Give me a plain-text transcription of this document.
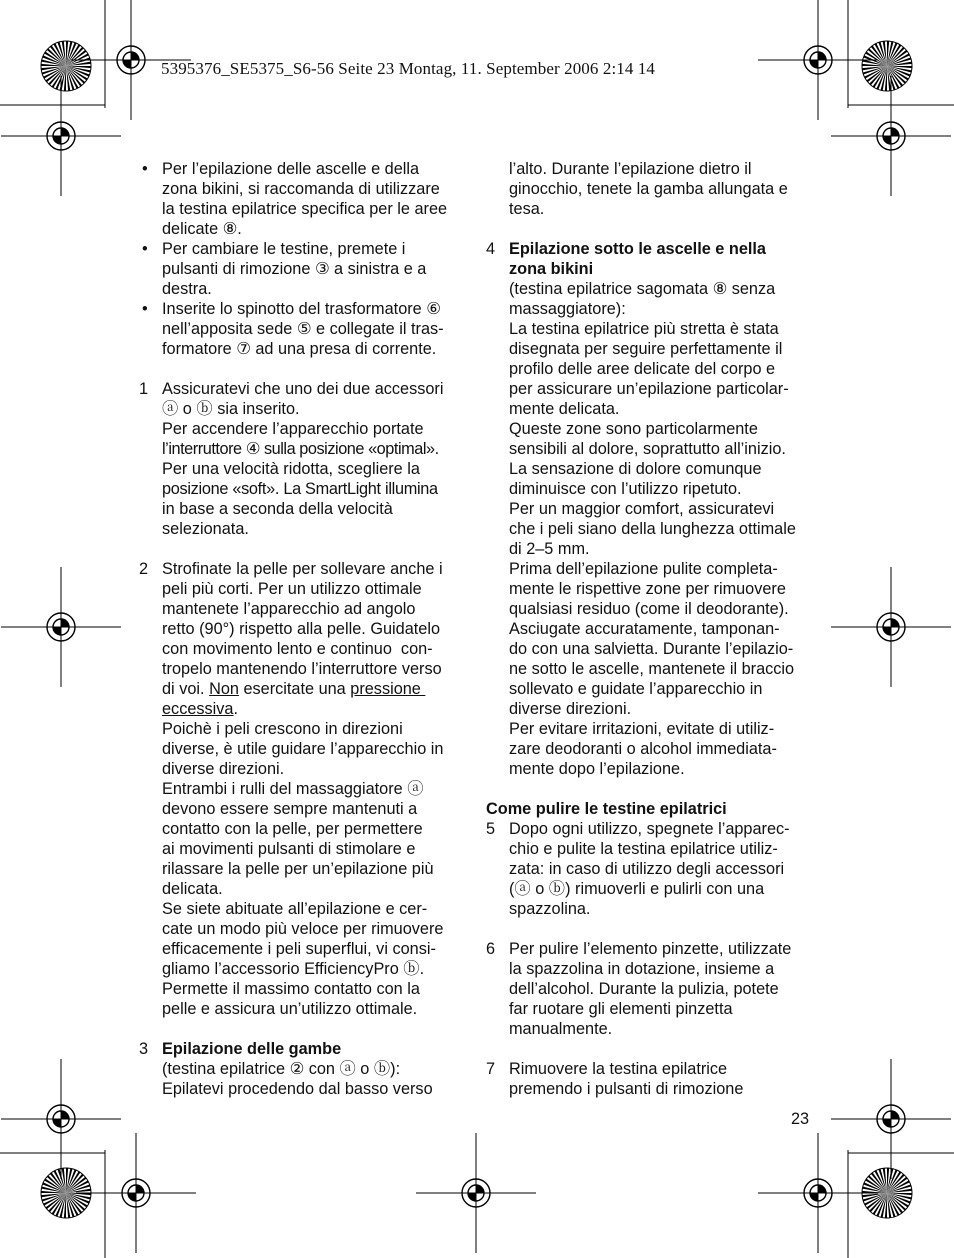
5395376_SE5375_S6-56 Seite 23 Montag, 11. September 2006 2:14 14
• Per l’epilazione delle ascelle e della
zona bikini, si raccomanda di utilizzare
la testina epilatrice specifica per le aree
delicate ⑧.
• Per cambiare le testine, premete i
pulsanti di rimozione ③ a sinistra e a
destra.
• Inserite lo spinotto del trasformatore ⑥
nell’apposita sede ⑤ e collegate il tras-
formatore ⑦ ad una presa di corrente.
1 Assicuratevi che uno dei due accessori
ⓐ o ⓑ sia inserito.
Per accendere l’apparecchio portate
l’interruttore ④ sulla posizione «optimal».
Per una velocità ridotta, scegliere la
posizione «soft». La SmartLight illumina
in base a seconda della velocità
selezionata.
2 Strofinate la pelle per sollevare anche i
peli più corti. Per un utilizzo ottimale
mantenete l’apparecchio ad angolo
retto (90°) rispetto alla pelle. Guidatelo
con movimento lento e continuo  con-
tropelo mantenendo l’interruttore verso
di voi. Non esercitate una pressione
eccessiva.
Poichè i peli crescono in direzioni
diverse, è utile guidare l’apparecchio in
diverse direzioni.
Entrambi i rulli del massaggiatore ⓐ
devono essere sempre mantenuti a
contatto con la pelle, per permettere
ai movimenti pulsanti di stimolare e
rilassare la pelle per un’epilazione più
delicata.
Se siete abituate all’epilazione e cer-
cate un modo più veloce per rimuovere
efficacemente i peli superflui, vi consi-
gliamo l’accessorio EfficiencyPro ⓑ.
Permette il massimo contatto con la
pelle e assicura un’utilizzo ottimale.
3 Epilazione delle gambe
(testina epilatrice ② con ⓐ o ⓑ):
Epilatevi procedendo dal basso verso
l’alto. Durante l’epilazione dietro il
ginocchio, tenete la gamba allungata e
tesa.
4 Epilazione sotto le ascelle e nella
zona bikini
(testina epilatrice sagomata ⑧ senza
massaggiatore):
La testina epilatrice più stretta è stata
disegnata per seguire perfettamente il
profilo delle aree delicate del corpo e
per assicurare un’epilazione particolar-
mente delicata.
Queste zone sono particolarmente
sensibili al dolore, soprattutto all’inizio.
La sensazione di dolore comunque
diminuisce con l’utilizzo ripetuto.
Per un maggior comfort, assicuratevi
che i peli siano della lunghezza ottimale
di 2–5 mm.
Prima dell’epilazione pulite completa-
mente le rispettive zone per rimuovere
qualsiasi residuo (come il deodorante).
Asciugate accuratamente, tamponan-
do con una salvietta. Durante l’epilazio-
ne sotto le ascelle, mantenete il braccio
sollevato e guidate l’apparecchio in
diverse direzioni.
Per evitare irritazioni, evitate di utiliz-
zare deodoranti o alcohol immediata-
mente dopo l’epilazione.
Come pulire le testine epilatrici
5 Dopo ogni utilizzo, spegnete l’apparec-
chio e pulite la testina epilatrice utiliz-
zata: in caso di utilizzo degli accessori
(ⓐ o ⓑ) rimuoverli e pulirli con una
spazzolina.
6 Per pulire l’elemento pinzette, utilizzate
la spazzolina in dotazione, insieme a
dell’alcohol. Durante la pulizia, potete
far ruotare gli elementi pinzetta
manualmente.
7 Rimuovere la testina epilatrice
premendo i pulsanti di rimozione
23
